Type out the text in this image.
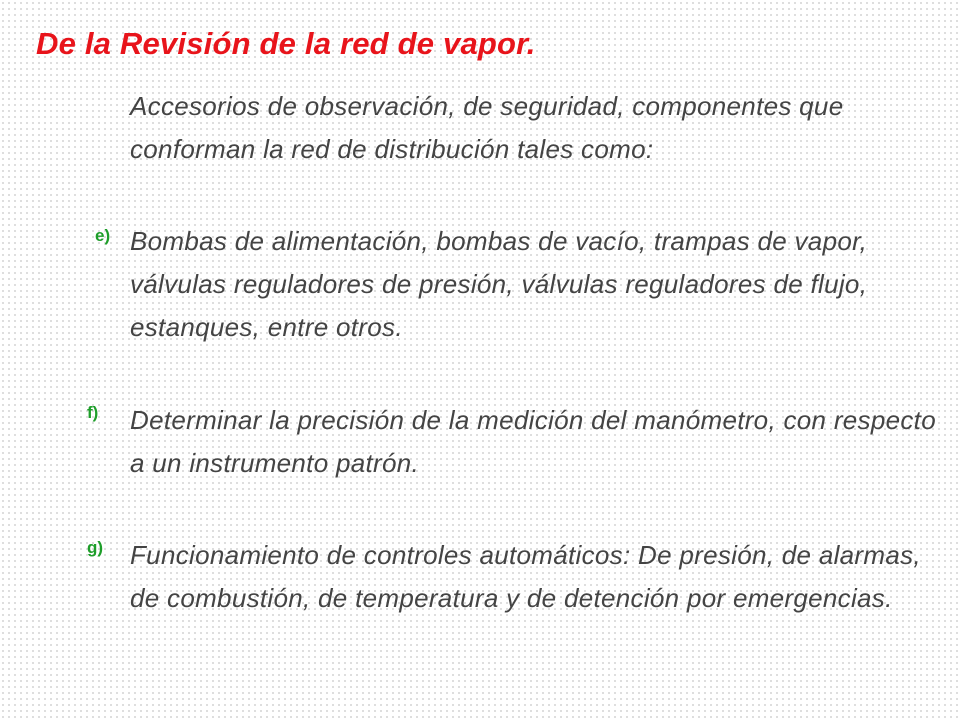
De la Revisión de la red de vapor.

Accesorios de observación, de seguridad, componentes que conforman la red de distribución tales como:

e) Bombas de alimentación, bombas de vacío, trampas de vapor, válvulas reguladores de presión, válvulas reguladores de flujo, estanques, entre otros.

f) Determinar la precisión de la medición del manómetro, con respecto a un instrumento patrón.

g) Funcionamiento de controles automáticos: De presión, de alarmas, de combustión, de temperatura y de detención por emergencias.
